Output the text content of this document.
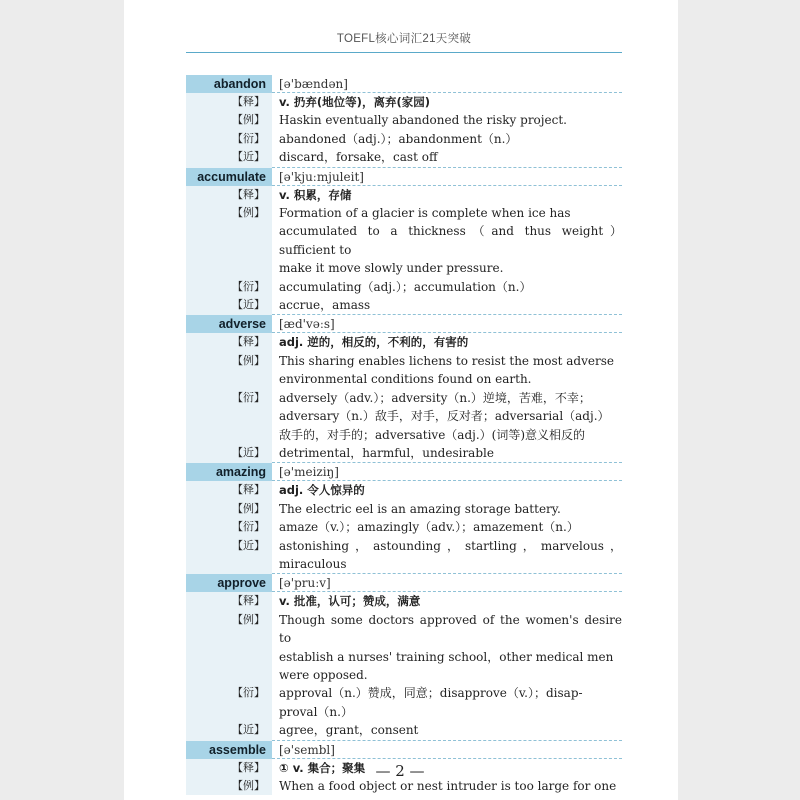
TOEFL核心词汇21天突破
abandon	[ə'bændən]
【释】	v. 扔弃(地位等)，离弃(家园)
【例】	Haskin eventually abandoned the risky project.
【衍】	abandoned（adj.）；abandonment（n.）
【近】	discard，forsake，cast off
accumulate	[ə'kjuːmjuleit]
【释】	v. 积累，存储
【例】	Formation of a glacier is complete when ice has
accumulated to a thickness（and thus weight）sufficient to
make it move slowly under pressure.
【衍】	accumulating（adj.）；accumulation（n.）
【近】	accrue，amass
adverse	[æd'vəːs]
【释】	adj. 逆的，相反的，不利的，有害的
【例】	This sharing enables lichens to resist the most adverse
environmental conditions found on earth.
【衍】	adversely（adv.）；adversity（n.）逆境，苦难，不幸；
adversary（n.）敌手，对手，反对者；adversarial（adj.）
敌手的，对手的；adversative（adj.）(词等)意义相反的
【近】	detrimental，harmful，undesirable
amazing	[ə'meiziŋ]
【释】	adj. 令人惊异的
【例】	The electric eel is an amazing storage battery.
【衍】	amaze（v.）；amazingly（adv.）；amazement（n.）
【近】	astonishing，astounding，startling，marvelous，miraculous
approve	[ə'pruːv]
【释】	v. 批准，认可；赞成，满意
【例】	Though some doctors approved of the women's desire to
establish a nurses' training school，other medical men
were opposed.
【衍】	approval（n.）赞成，同意；disapprove（v.）；disap-
proval（n.）
【近】	agree，grant，consent
assemble	[ə'sembl]
【释】	① v. 集合；聚集
【例】	When a food object or nest intruder is too large for one
— 2 —
